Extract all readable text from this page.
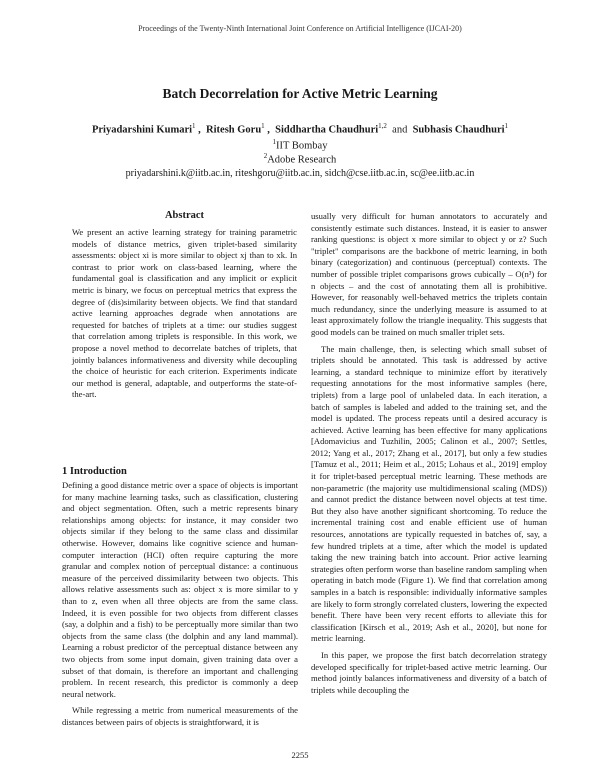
Proceedings of the Twenty-Ninth International Joint Conference on Artificial Intelligence (IJCAI-20)
Batch Decorrelation for Active Metric Learning
Priyadarshini Kumari$^1$ , Ritesh Goru$^1$ , Siddhartha Chaudhuri$^{1,2}$ and Subhasis Chaudhuri$^1$
$^1$IIT Bombay
$^2$Adobe Research
priyadarshini.k@iitb.ac.in, riteshgoru@iitb.ac.in, sidch@cse.iitb.ac.in, sc@ee.iitb.ac.in
Abstract

We present an active learning strategy for training parametric models of distance metrics, given triplet-based similarity assessments: object xi is more similar to object xj than to xk. In contrast to prior work on class-based learning, where the fundamental goal is classification and any implicit or explicit metric is binary, we focus on perceptual metrics that express the degree of (dis)similarity between objects. We find that standard active learning approaches degrade when annotations are requested for batches of triplets at a time: our studies suggest that correlation among triplets is responsible. In this work, we propose a novel method to decorrelate batches of triplets, that jointly balances informativeness and diversity while decoupling the choice of heuristic for each criterion. Experiments indicate our method is general, adaptable, and outperforms the state-of-the-art.

1 Introduction

Defining a good distance metric over a space of objects is important for many machine learning tasks, such as classification, clustering and object segmentation. Often, such a metric represents binary relationships among objects: for instance, it may consider two objects similar if they belong to the same class and dissimilar otherwise. However, domains like cognitive science and human-computer interaction (HCI) often require capturing the more granular and complex notion of perceptual distance: a continuous measure of the perceived dissimilarity between two objects. This allows relative assessments such as: object x is more similar to y than to z, even when all three objects are from the same class. Indeed, it is even possible for two objects from different classes (say, a dolphin and a fish) to be perceptually more similar than two objects from the same class (the dolphin and any land mammal). Learning a robust predictor of the perceptual distance between any two objects from some input domain, given training data over a subset of that domain, is therefore an important and challenging problem. In recent research, this predictor is commonly a deep neural network.

While regressing a metric from numerical measurements of the distances between pairs of objects is straightforward, it is

usually very difficult for human annotators to accurately and consistently estimate such distances. Instead, it is easier to answer ranking questions: is object x more similar to object y or z? Such "triplet" comparisons are the backbone of metric learning, in both binary (categorization) and continuous (perceptual) contexts. The number of possible triplet comparisons grows cubically – O(n³) for n objects – and the cost of annotating them all is prohibitive. However, for reasonably well-behaved metrics the triplets contain much redundancy, since the underlying measure is assumed to at least approximately follow the triangle inequality. This suggests that good models can be trained on much smaller triplet sets.

The main challenge, then, is selecting which small subset of triplets should be annotated. This task is addressed by active learning, a standard technique to minimize effort by iteratively requesting annotations for the most informative samples (here, triplets) from a large pool of unlabeled data. In each iteration, a batch of samples is labeled and added to the training set, and the model is updated. The process repeats until a desired accuracy is achieved. Active learning has been effective for many applications [Adomavicius and Tuzhilin, 2005; Calinon et al., 2007; Settles, 2012; Yang et al., 2017; Zhang et al., 2017], but only a few studies [Tamuz et al., 2011; Heim et al., 2015; Lohaus et al., 2019] employ it for triplet-based perceptual metric learning. These methods are non-parametric (the majority use multidimensional scaling (MDS)) and cannot predict the distance between novel objects at test time. But they also have another significant shortcoming. To reduce the incremental training cost and enable efficient use of human resources, annotations are typically requested in batches of, say, a few hundred triplets at a time, after which the model is updated taking the new training batch into account. Prior active learning strategies often perform worse than baseline random sampling when operating in batch mode (Figure 1). We find that correlation among samples in a batch is responsible: individually informative samples are likely to form strongly correlated clusters, lowering the expected benefit. There have been very recent efforts to alleviate this for classification [Kirsch et al., 2019; Ash et al., 2020], but none for metric learning.

In this paper, we propose the first batch decorrelation strategy developed specifically for triplet-based active metric learning. Our method jointly balances informativeness and diversity of a batch of triplets while decoupling the

2255
